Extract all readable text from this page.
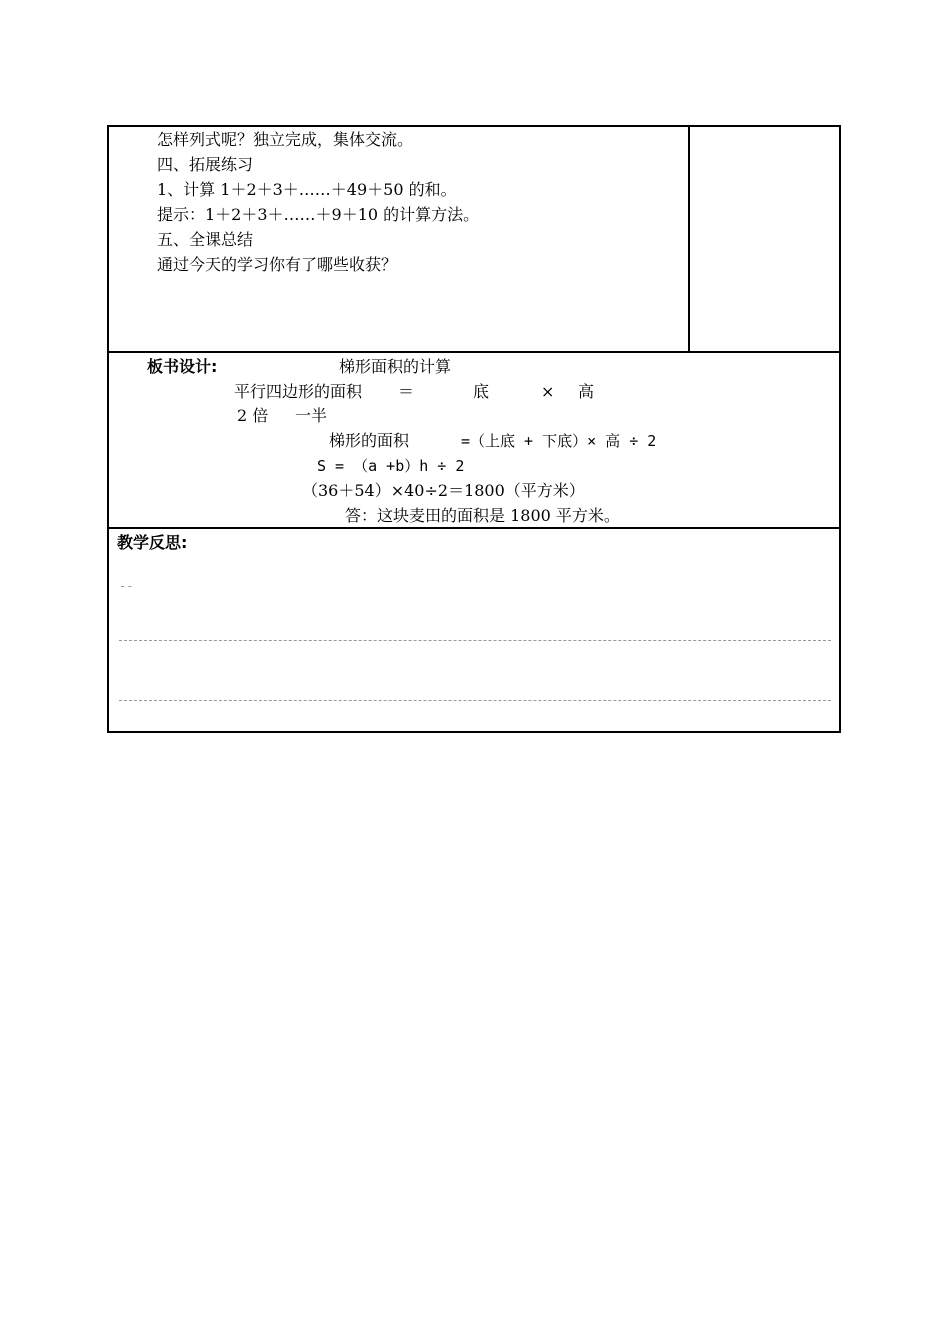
怎样列式呢？独立完成，集体交流。
四、拓展练习
1、计算 1＋2＋3＋……＋49＋50 的和。
提示：1＋2＋3＋……＋9＋10 的计算方法。
五、全课总结
通过今天的学习你有了哪些收获？
板书设计:	梯形面积的计算
平行四边形的面积 ＝	底	× 高
2 倍 一半
梯形的面积	=（上底 + 下底）× 高 ÷ 2
S = （a +b）h ÷ 2
（36＋54）×40÷2＝1800（平方米）
答：这块麦田的面积是 1800 平方米。
教学反思:
--
